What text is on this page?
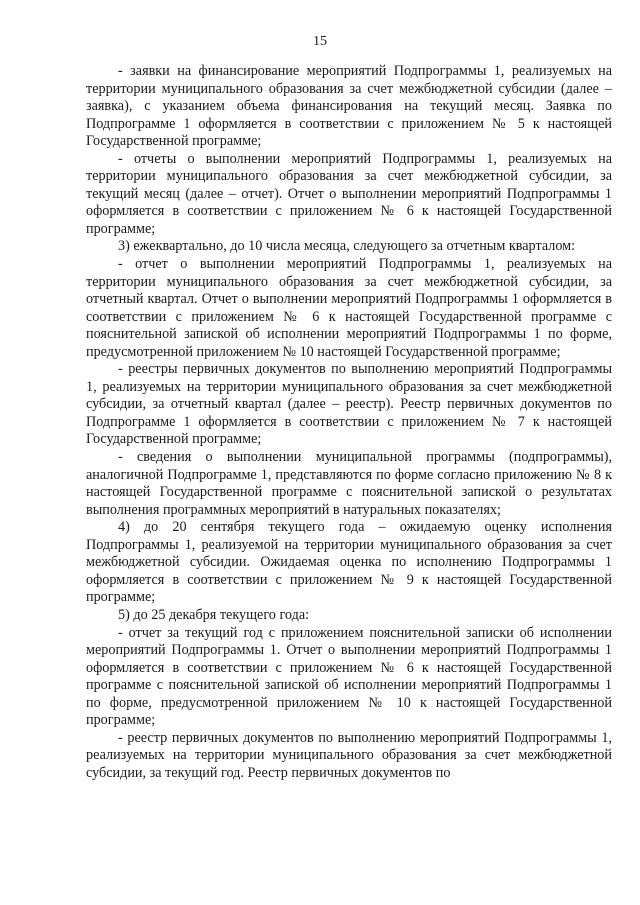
15

- заявки на финансирование мероприятий Подпрограммы 1, реализуемых на территории муниципального образования за счет межбюджетной субсидии (далее – заявка), с указанием объема финансирования на текущий месяц. Заявка по Подпрограмме 1 оформляется в соответствии с приложением № 5 к настоящей Государственной программе;

- отчеты о выполнении мероприятий Подпрограммы 1, реализуемых на территории муниципального образования за счет межбюджетной субсидии, за текущий месяц (далее – отчет). Отчет о выполнении мероприятий Подпрограммы 1 оформляется в соответствии с приложением № 6 к настоящей Государственной программе;

3) ежеквартально, до 10 числа месяца, следующего за отчетным кварталом:

- отчет о выполнении мероприятий Подпрограммы 1, реализуемых на территории муниципального образования за счет межбюджетной субсидии, за отчетный квартал. Отчет о выполнении мероприятий Подпрограммы 1 оформляется в соответствии с приложением № 6 к настоящей Государственной программе с пояснительной запиской об исполнении мероприятий Подпрограммы 1 по форме, предусмотренной приложением № 10 настоящей Государственной программе;

- реестры первичных документов по выполнению мероприятий Подпрограммы 1, реализуемых на территории муниципального образования за счет межбюджетной субсидии, за отчетный квартал (далее – реестр). Реестр первичных документов по Подпрограмме 1 оформляется в соответствии с приложением № 7 к настоящей Государственной программе;

- сведения о выполнении муниципальной программы (подпрограммы), аналогичной Подпрограмме 1, представляются по форме согласно приложению № 8 к настоящей Государственной программе с пояснительной запиской о результатах выполнения программных мероприятий в натуральных показателях;

4) до 20 сентября текущего года – ожидаемую оценку исполнения Подпрограммы 1, реализуемой на территории муниципального образования за счет межбюджетной субсидии. Ожидаемая оценка по исполнению Подпрограммы 1 оформляется в соответствии с приложением № 9 к настоящей Государственной программе;

5) до 25 декабря текущего года:

- отчет за текущий год с приложением пояснительной записки об исполнении мероприятий Подпрограммы 1. Отчет о выполнении мероприятий Подпрограммы 1 оформляется в соответствии с приложением № 6 к настоящей Государственной программе с пояснительной запиской об исполнении мероприятий Подпрограммы 1 по форме, предусмотренной приложением № 10 к настоящей Государственной программе;

- реестр первичных документов по выполнению мероприятий Подпрограммы 1, реализуемых на территории муниципального образования за счет межбюджетной субсидии, за текущий год. Реестр первичных документов по
